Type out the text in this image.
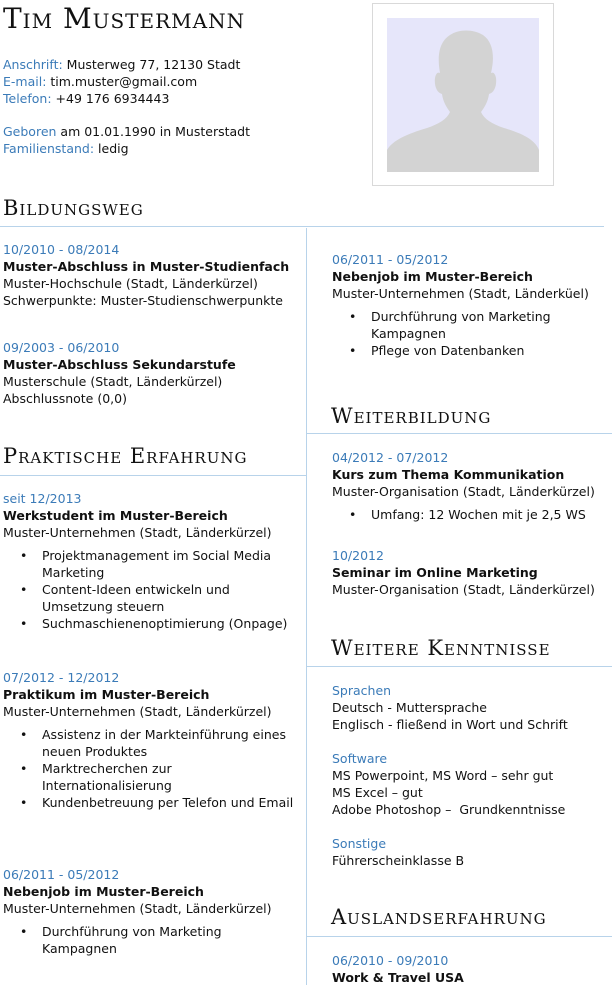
Tim Mustermann
Anschrift: Musterweg 77, 12130 Stadt
E-mail: tim.muster@gmail.com
Telefon: +49 176 6934443
Geboren am 01.01.1990 in Musterstadt
Familienstand: ledig
Bildungsweg
10/2010 - 08/2014
Muster-Abschluss in Muster-Studienfach
Muster-Hochschule (Stadt, Länderkürzel)
Schwerpunkte: Muster-Studienschwerpunkte
09/2003 - 06/2010
Muster-Abschluss Sekundarstufe
Musterschule (Stadt, Länderkürzel)
Abschlussnote (0,0)
Praktische Erfahrung
seit 12/2013
Werkstudent im Muster-Bereich
Muster-Unternehmen (Stadt, Länderkürzel)
• Projektmanagement im Social Media Marketing
• Content-Ideen entwickeln und Umsetzung steuern
• Suchmaschienenoptimierung (Onpage)
07/2012 - 12/2012
Praktikum im Muster-Bereich
Muster-Unternehmen (Stadt, Länderkürzel)
• Assistenz in der Markteinführung eines neuen Produktes
• Marktrecherchen zur Internationalisierung
• Kundenbetreuung per Telefon und Email
06/2011 - 05/2012
Nebenjob im Muster-Bereich
Muster-Unternehmen (Stadt, Länderkürzel)
• Durchführung von Marketing Kampagnen
06/2011 - 05/2012
Nebenjob im Muster-Bereich
Muster-Unternehmen (Stadt, Länderküel)
• Durchführung von Marketing Kampagnen
• Pflege von Datenbanken
Weiterbildung
04/2012 - 07/2012
Kurs zum Thema Kommunikation
Muster-Organisation (Stadt, Länderkürzel)
• Umfang: 12 Wochen mit je 2,5 WS
10/2012
Seminar im Online Marketing
Muster-Organisation (Stadt, Länderkürzel)
Weitere Kenntnisse
Sprachen
Deutsch - Muttersprache
Englisch - fließend in Wort und Schrift
Software
MS Powerpoint, MS Word – sehr gut
MS Excel – gut
Adobe Photoshop –  Grundkenntnisse
Sonstige
Führerscheinklasse B
Auslandserfahrung
06/2010 - 09/2010
Work & Travel USA
